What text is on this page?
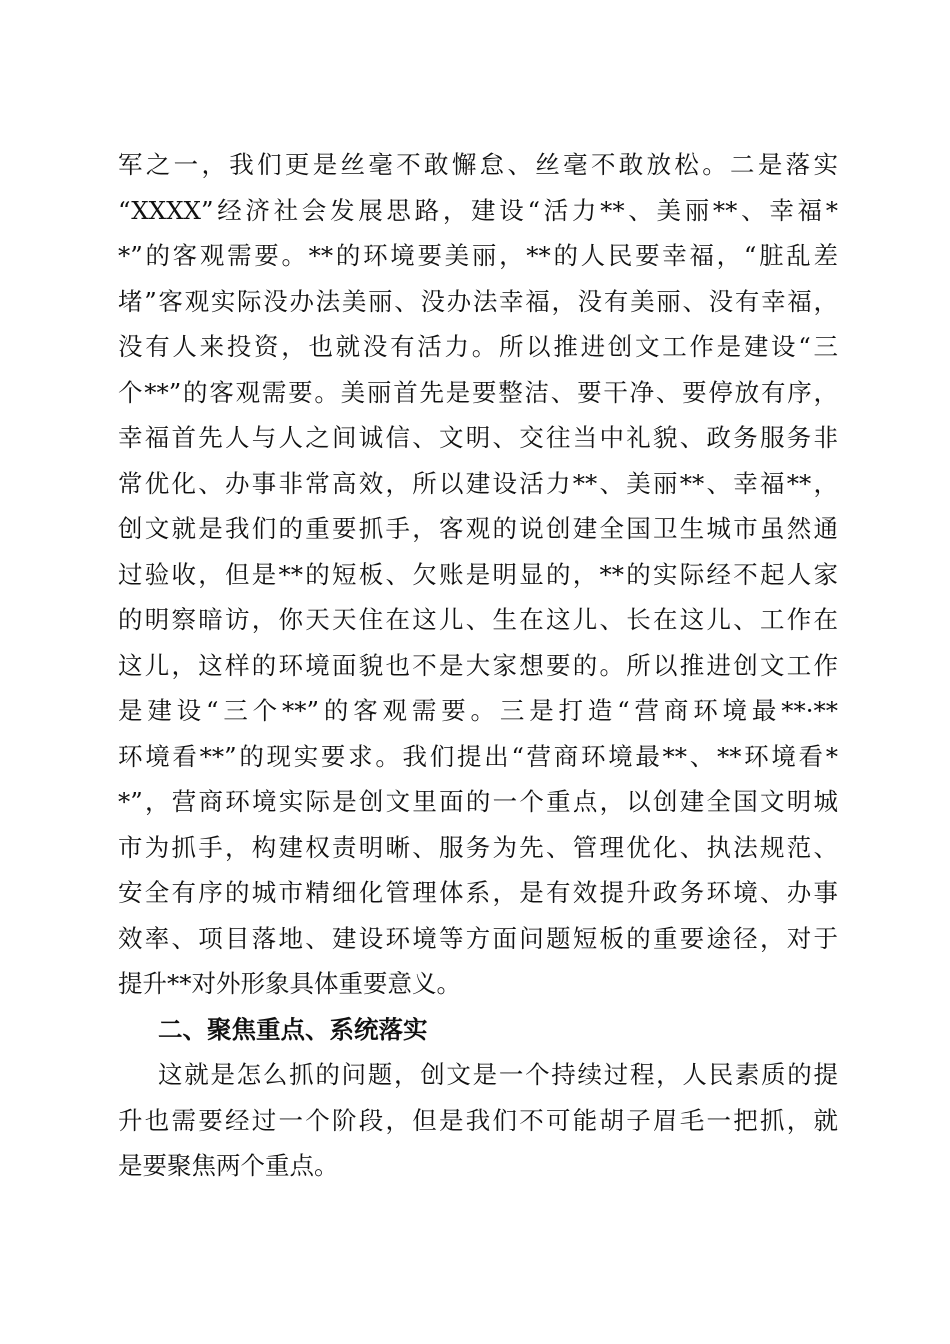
军之一，我们更是丝毫不敢懈怠、丝毫不敢放松。二是落实
“XXXX”经济社会发展思路，建设“活力**、美丽**、幸福*
*”的客观需要。**的环境要美丽，**的人民要幸福，“脏乱差
堵”客观实际没办法美丽、没办法幸福，没有美丽、没有幸福，
没有人来投资，也就没有活力。所以推进创文工作是建设“三
个**”的客观需要。美丽首先是要整洁、要干净、要停放有序，
幸福首先人与人之间诚信、文明、交往当中礼貌、政务服务非
常优化、办事非常高效，所以建设活力**、美丽**、幸福**，
创文就是我们的重要抓手，客观的说创建全国卫生城市虽然通
过验收，但是**的短板、欠账是明显的，**的实际经不起人家
的明察暗访，你天天住在这儿、生在这儿、长在这儿、工作在
这儿，这样的环境面貌也不是大家想要的。所以推进创文工作
是建设“三个**”的客观需要。三是打造“营商环境最**·**
环境看**”的现实要求。我们提出“营商环境最**、**环境看*
*”，营商环境实际是创文里面的一个重点，以创建全国文明城
市为抓手，构建权责明晰、服务为先、管理优化、执法规范、
安全有序的城市精细化管理体系，是有效提升政务环境、办事
效率、项目落地、建设环境等方面问题短板的重要途径，对于
提升**对外形象具体重要意义。
二、聚焦重点、系统落实
这就是怎么抓的问题，创文是一个持续过程，人民素质的提
升也需要经过一个阶段，但是我们不可能胡子眉毛一把抓，就
是要聚焦两个重点。
